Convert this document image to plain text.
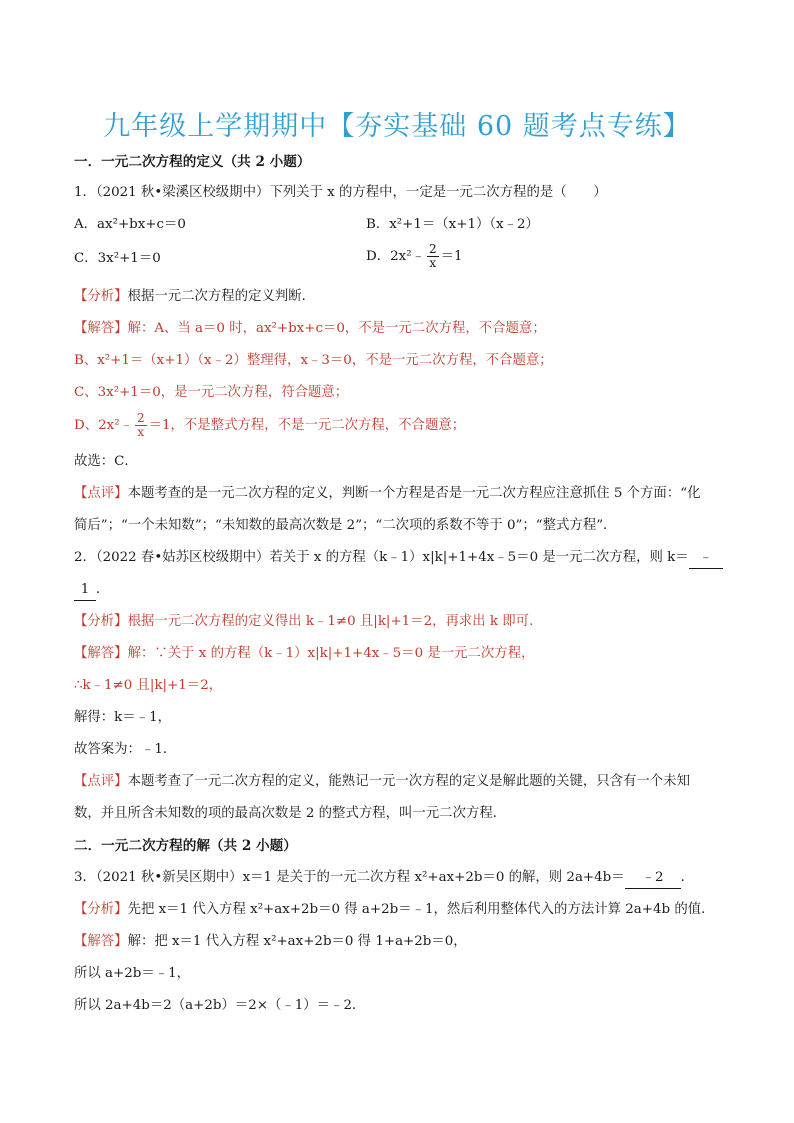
九年级上学期期中【夯实基础 60 题考点专练】
一．一元二次方程的定义（共 2 小题）
1．（2021 秋•梁溪区校级期中）下列关于 x 的方程中，一定是一元二次方程的是（　　）
A．ax²+bx+c＝0	B．x²+1＝（x+1）（x﹣2）
C．3x²+1＝0	D．2x²﹣ $\frac{2}{x} =1$
【分析】根据一元二次方程的定义判断．
【解答】解：A、当 a＝0 时，ax²+bx+c＝0，不是一元二次方程，不合题意；
B、x²+1＝（x+1）（x﹣2）整理得，x﹣3＝0，不是一元二次方程，不合题意；
C、3x²+1＝0，是一元二次方程，符合题意；
D、2x²﹣ $\frac{2}{x} =1$，不是整式方程，不是一元二次方程，不合题意；
故选：C．
【点评】本题考查的是一元二次方程的定义，判断一个方程是否是一元二次方程应注意抓住 5 个方面：“化
简后”；“一个未知数”；“未知数的最高次数是 2”；“二次项的系数不等于 0”；“整式方程”．
2．（2022 春•姑苏区校级期中）若关于 x 的方程（k﹣1）x|k|+1+4x﹣5＝0 是一元二次方程，则 k＝ ﹣
1 ．
【分析】根据一元二次方程的定义得出 k﹣1≠0 且|k|+1＝2，再求出 k 即可．
【解答】解：∵关于 x 的方程（k﹣1）x|k|+1+4x﹣5＝0 是一元二次方程，
∴k﹣1≠0 且|k|+1＝2，
解得：k＝﹣1，
故答案为：﹣1．
【点评】本题考查了一元二次方程的定义，能熟记一元一次方程的定义是解此题的关键，只含有一个未知
数，并且所含未知数的项的最高次数是 2 的整式方程，叫一元二次方程．
二．一元二次方程的解（共 2 小题）
3．（2021 秋•新吴区期中）x＝1 是关于的一元二次方程 x²+ax+2b＝0 的解，则 2a+4b＝ ﹣2 ．
【分析】先把 x＝1 代入方程 x²+ax+2b＝0 得 a+2b＝﹣1，然后利用整体代入的方法计算 2a+4b 的值．
【解答】解：把 x＝1 代入方程 x²+ax+2b＝0 得 1+a+2b＝0，
所以 a+2b＝﹣1，
所以 2a+4b＝2（a+2b）＝2×（﹣1）＝﹣2．
